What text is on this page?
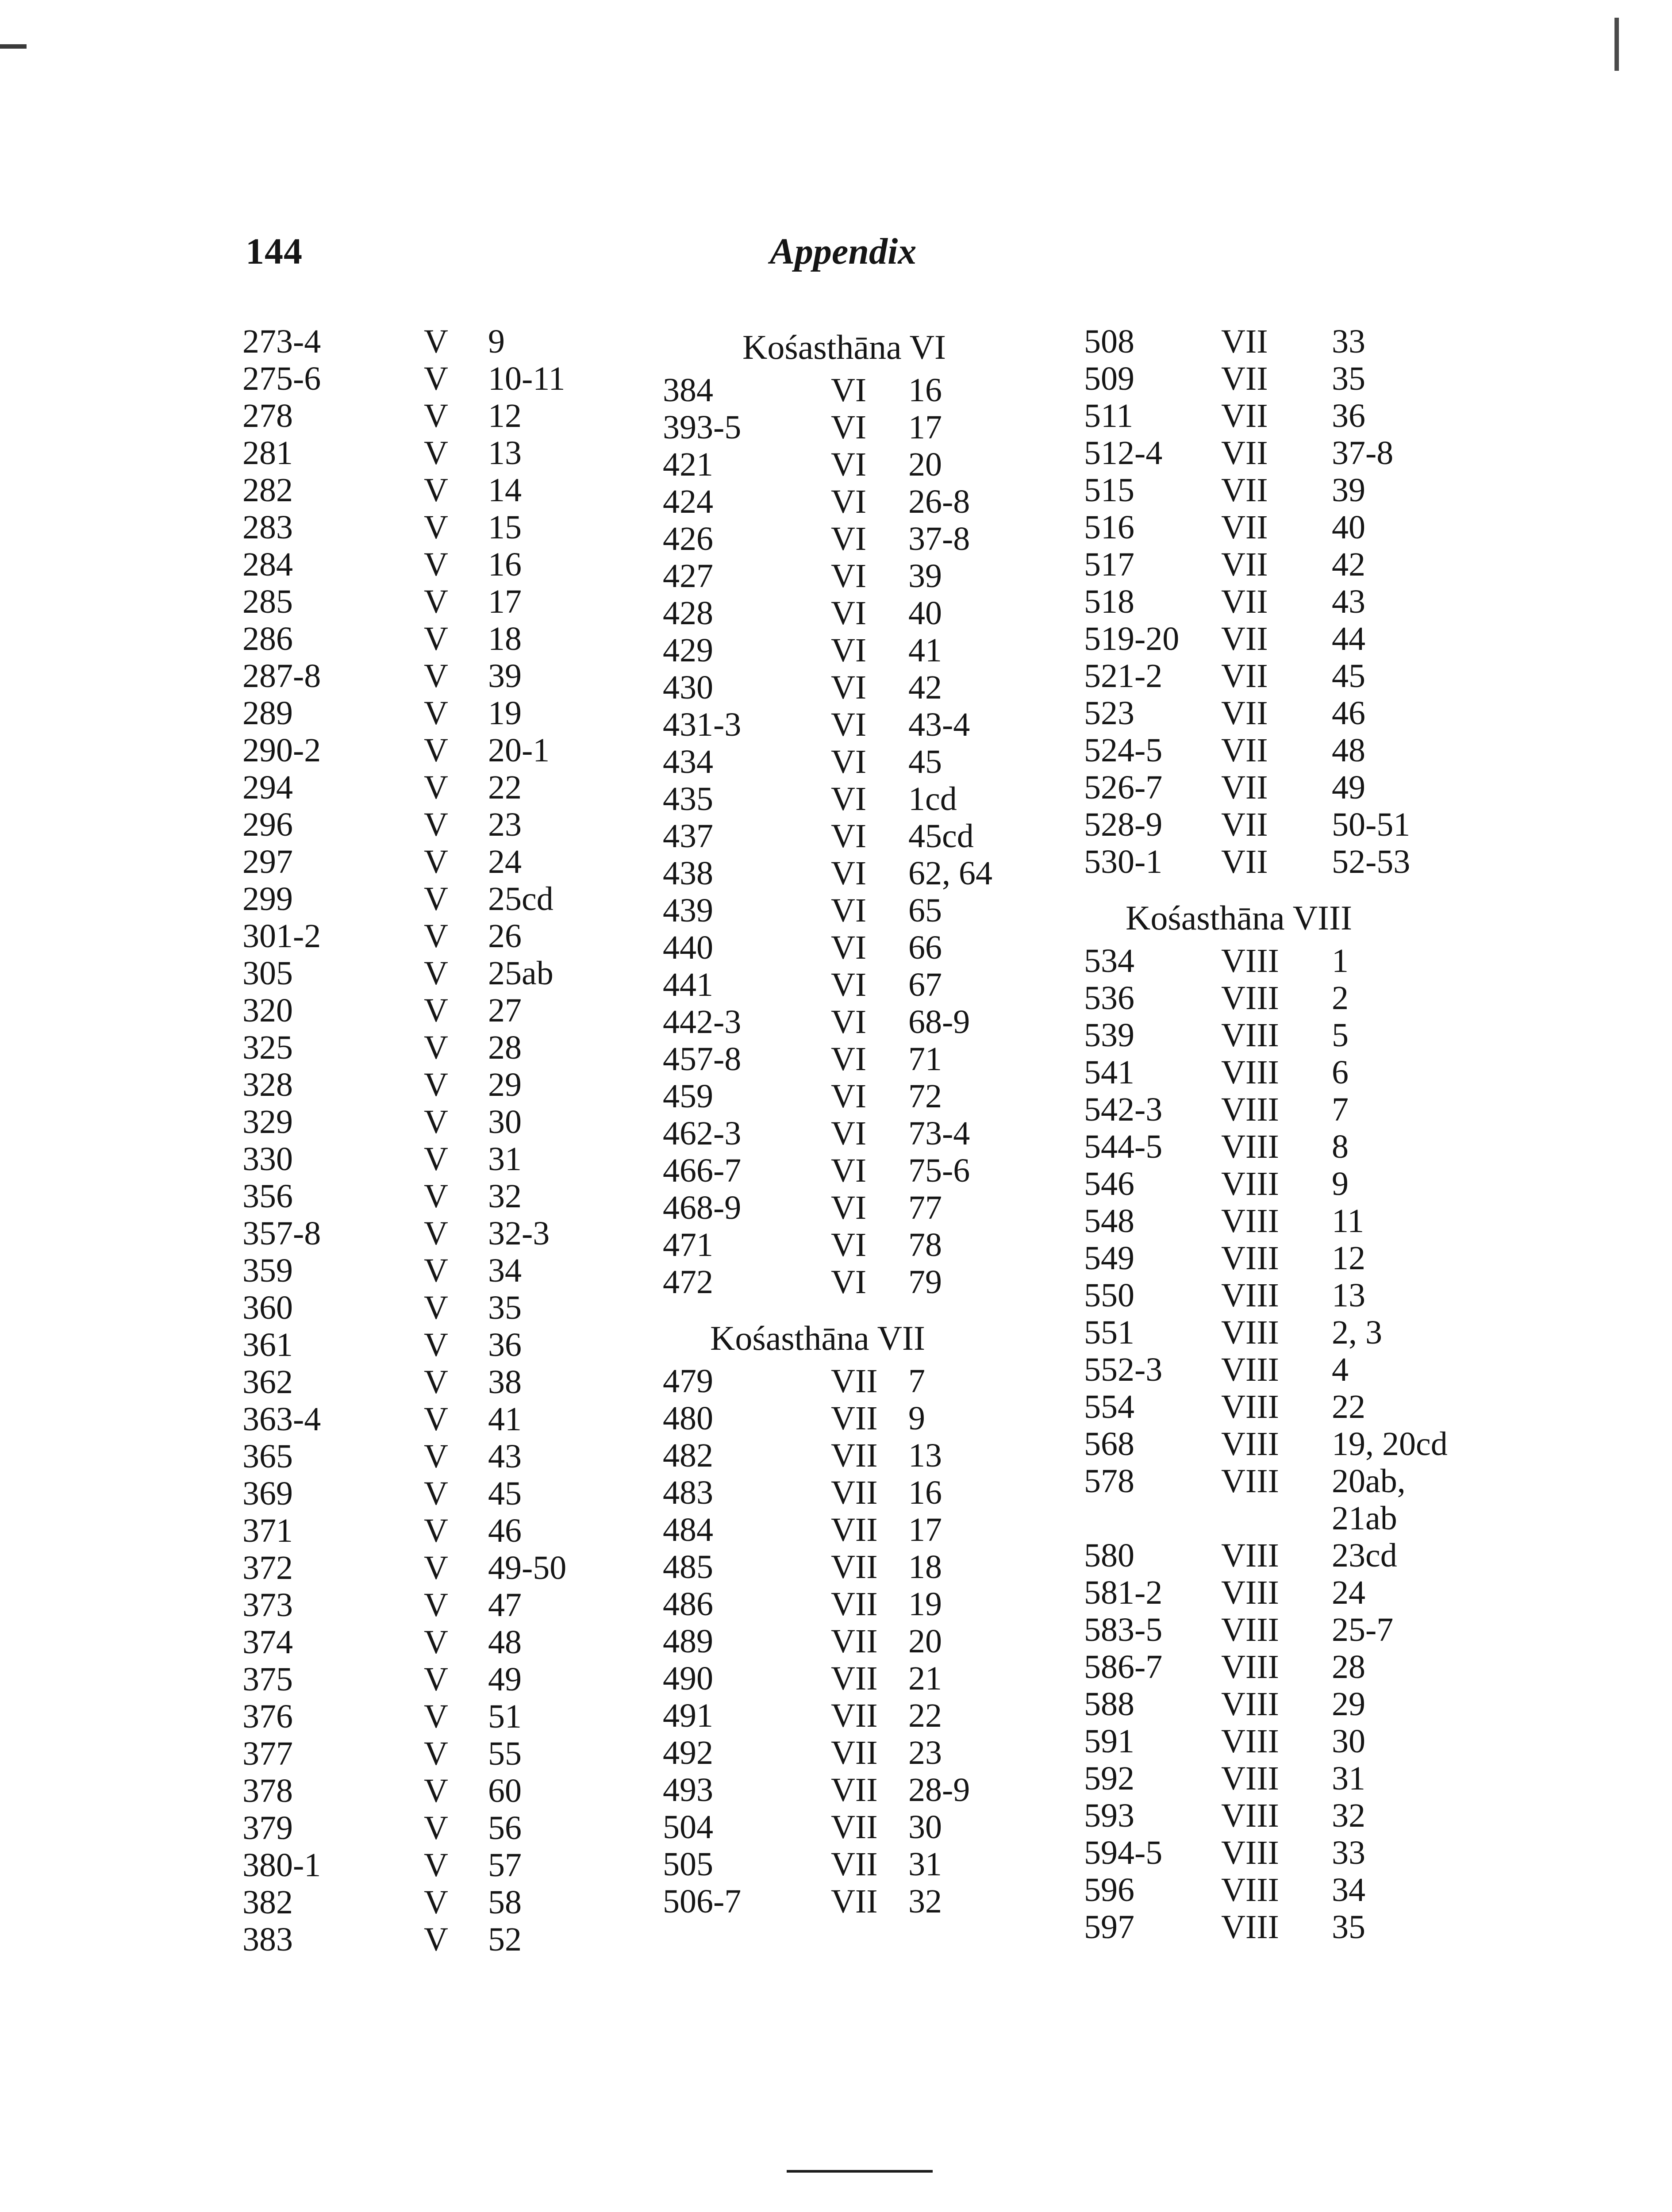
144	Appendix
273-4	V 9
275-6	V 10-11
278	V 12
281	V 13
282	V 14
283	V 15
284	V 16
285	V 17
286	V 18
287-8	V 39
289	V 19
290-2	V 20-1
294	V 22
296	V 23
297	V 24
299	V 25cd
301-2	V 26
305	V 25ab
320	V 27
325	V 28
328	V 29
329	V 30
330	V 31
356	V 32
357-8	V 32-3
359	V 34
360	V 35
361	V 36
362	V 38
363-4	V 41
365	V 43
369	V 45
371	V 46
372	V 49-50
373	V 47
374	V 48
375	V 49
376	V 51
377	V 55
378	V 60
379	V 56
380-1	V 57
382	V 58
383	V 52
Kośasthāna VI
384	VI 16
393-5	VI 17
421	VI 20
424	VI 26-8
426	VI 37-8
427	VI 39
428	VI 40
429	VI 41
430	VI 42
431-3	VI 43-4
434	VI 45
435	VI 1cd
437	VI 45cd
438	VI 62, 64
439	VI 65
440	VI 66
441	VI 67
442-3	VI 68-9
457-8	VI 71
459	VI 72
462-3	VI 73-4
466-7	VI 75-6
468-9	VI 77
471	VI 78
472	VI 79
Kośasthāna VII
479	VII 7
480	VII 9
482	VII 13
483	VII 16
484	VII 17
485	VII 18
486	VII 19
489	VII 20
490	VII 21
491	VII 22
492	VII 23
493	VII 28-9
504	VII 30
505	VII 31
506-7	VII 32
508	VII 33
509	VII 35
511	VII 36
512-4 VII 37-8
515	VII 39
516	VII 40
517	VII 42
518	VII 43
519-20 VII 44
521-2 VII 45
523	VII 46
524-5 VII 48
526-7 VII 49
528-9 VII 50-51
530-1 VII 52-53
Kośasthāna VIII
534	VIII 1
536	VIII 2
539	VIII 5
541	VIII 6
542-3 VIII 7
544-5 VIII 8
546	VIII 9
548	VIII 11
549	VIII 12
550	VIII 13
551	VIII 2, 3
552-3 VIII 4
554	VIII 22
568	VIII 19, 20cd
578	VIII 20ab,
21ab
580	VIII 23cd
581-2 VIII 24
583-5 VIII 25-7
586-7 VIII 28
588	VIII 29
591	VIII 30
592	VIII 31
593	VIII 32
594-5 VIII 33
596	VIII 34
597	VIII 35
